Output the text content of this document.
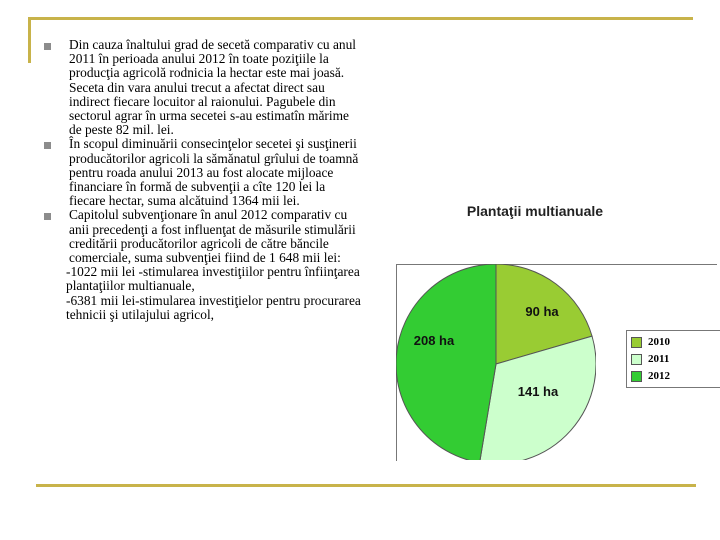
Din cauza înaltului grad de secetă comparativ cu anul 2011 în perioada anului 2012 în toate poziţiile la producţia agricolă rodnicia la hectar este mai joasă. Seceta din vara anului trecut a afectat direct sau indirect fiecare locuitor al raionului. Pagubele din sectorul agrar în urma secetei s-au estimatîn mărime de peste 82 mil. lei.
În scopul diminuării consecinţelor secetei şi susţinerii producătorilor agricoli la sămănatul grîului de toamnă pentru roada anului 2013 au fost alocate mijloace financiare în formă de subvenţii a cîte 120 lei la fiecare hectar, suma alcătuind 1364 mii lei.
Capitolul subvenţionare în anul 2012 comparativ cu anii precedenţi a fost influenţat de măsurile stimulării creditării producătorilor agricoli de către băncile comerciale, suma subvenţiei fiind de 1 648 mii lei:
-1022 mii lei -stimularea investiţiilor pentru înfiinţarea plantaţiilor multianuale,
-6381 mii lei-stimularea investiţielor pentru procurarea tehnicii şi utilajului agricol,
Plantaţii multianuale
90 ha
141 ha
208 ha	2010
2011
2012
